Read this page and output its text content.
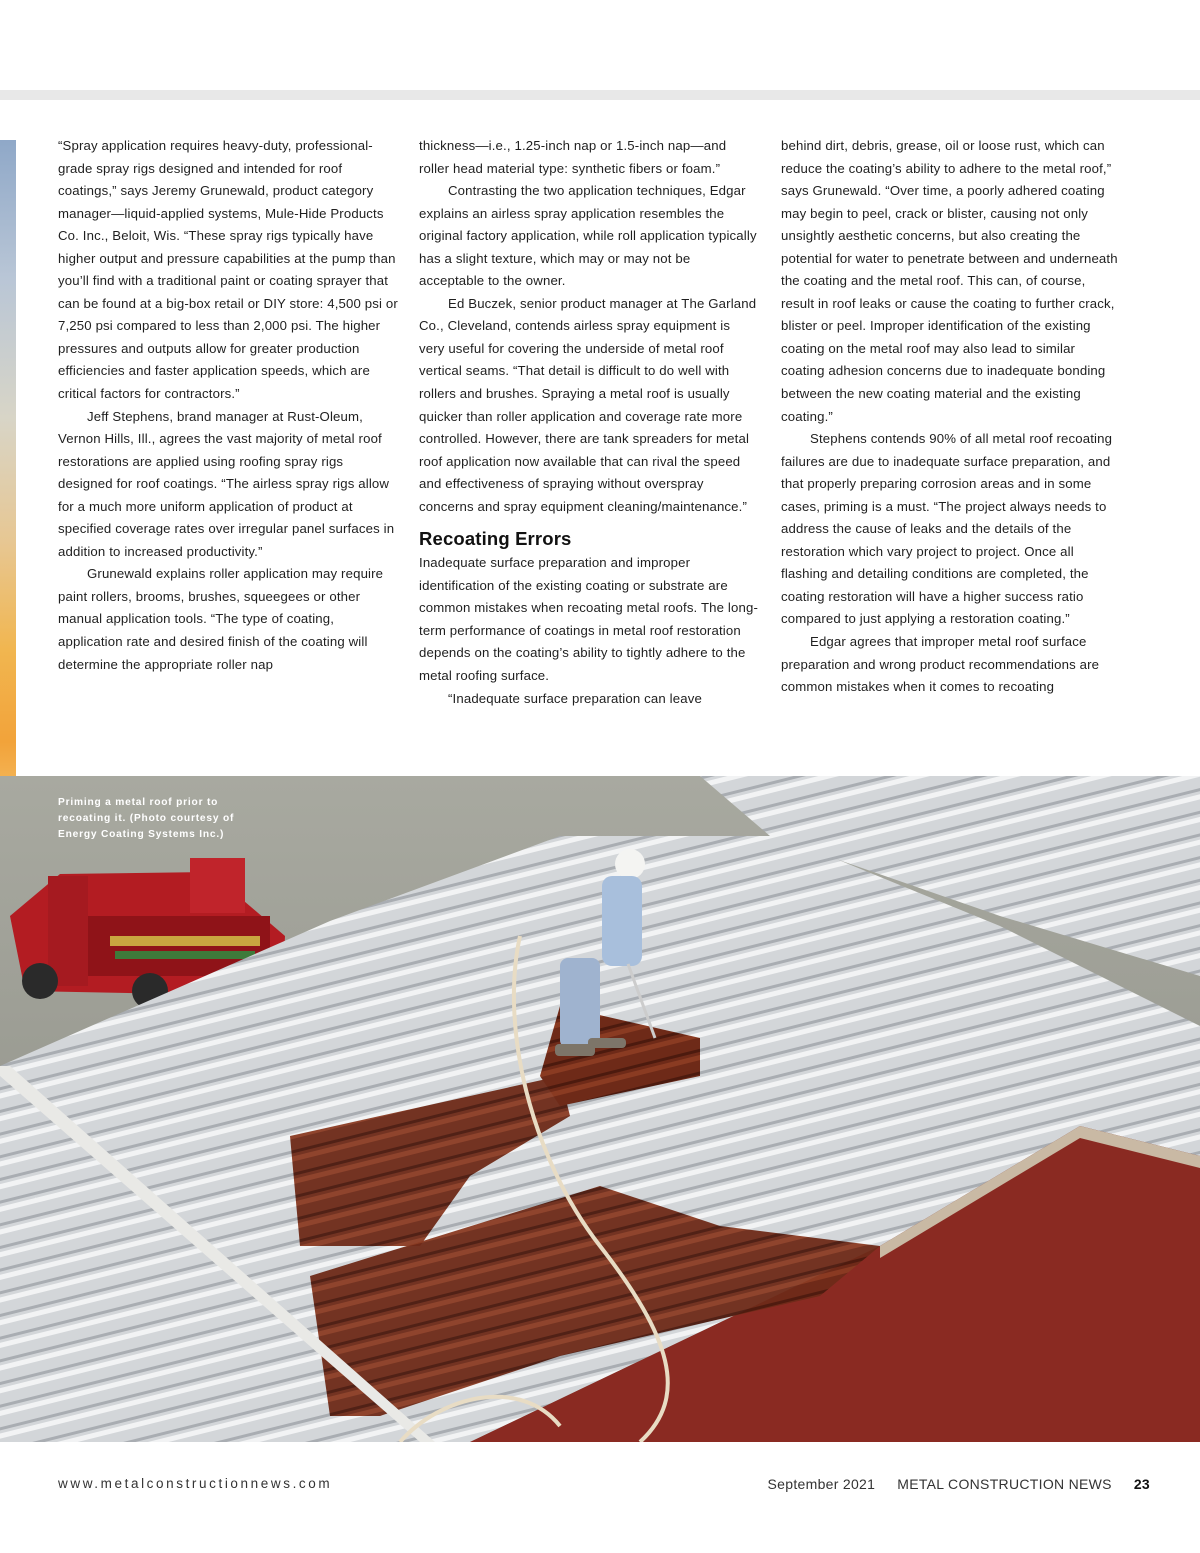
“Spray application requires heavy-duty, professional-grade spray rigs designed and intended for roof coatings,” says Jeremy Grunewald, product category manager—liquid-applied systems, Mule-Hide Products Co. Inc., Beloit, Wis. “These spray rigs typically have higher output and pressure capabilities at the pump than you’ll find with a traditional paint or coating sprayer that can be found at a big-box retail or DIY store: 4,500 psi or 7,250 psi compared to less than 2,000 psi. The higher pressures and outputs allow for greater production efficiencies and faster application speeds, which are critical factors for contractors.”

Jeff Stephens, brand manager at Rust-Oleum, Vernon Hills, Ill., agrees the vast majority of metal roof restorations are applied using roofing spray rigs designed for roof coatings. “The airless spray rigs allow for a much more uniform application of product at specified coverage rates over irregular panel surfaces in addition to increased productivity.”

Grunewald explains roller application may require paint rollers, brooms, brushes, squeegees or other manual application tools. “The type of coating, application rate and desired finish of the coating will determine the appropriate roller nap

thickness—i.e., 1.25-inch nap or 1.5-inch nap—and roller head material type: synthetic fibers or foam.”

Contrasting the two application techniques, Edgar explains an airless spray application resembles the original factory application, while roll application typically has a slight texture, which may or may not be acceptable to the owner.

Ed Buczek, senior product manager at The Garland Co., Cleveland, contends airless spray equipment is very useful for covering the underside of metal roof vertical seams. “That detail is difficult to do well with rollers and brushes. Spraying a metal roof is usually quicker than roller application and coverage rate more controlled. However, there are tank spreaders for metal roof application now available that can rival the speed and effectiveness of spraying without overspray concerns and spray equipment cleaning/maintenance.”

Recoating Errors

Inadequate surface preparation and improper identification of the existing coating or substrate are common mistakes when recoating metal roofs. The long-term performance of coatings in metal roof restoration depends on the coating’s ability to tightly adhere to the metal roofing surface.

“Inadequate surface preparation can leave

behind dirt, debris, grease, oil or loose rust, which can reduce the coating’s ability to adhere to the metal roof,” says Grunewald. “Over time, a poorly adhered coating may begin to peel, crack or blister, causing not only unsightly aesthetic concerns, but also creating the potential for water to penetrate between and underneath the coating and the metal roof. This can, of course, result in roof leaks or cause the coating to further crack, blister or peel. Improper identification of the existing coating on the metal roof may also lead to similar coating adhesion concerns due to inadequate bonding between the new coating material and the existing coating.”

Stephens contends 90% of all metal roof recoating failures are due to inadequate surface preparation, and that properly preparing corrosion areas and in some cases, priming is a must. “The project always needs to address the cause of leaks and the details of the restoration which vary project to project. Once all flashing and detailing conditions are completed, the coating restoration will have a higher success ratio compared to just applying a restoration coating.”

Edgar agrees that improper metal roof surface preparation and wrong product recommendations are common mistakes when it comes to recoating

Priming a metal roof prior to recoating it. (Photo courtesy of Energy Coating Systems Inc.)
www.metalconstructionnews.com	September 2021 METAL CONSTRUCTION NEWS 23
